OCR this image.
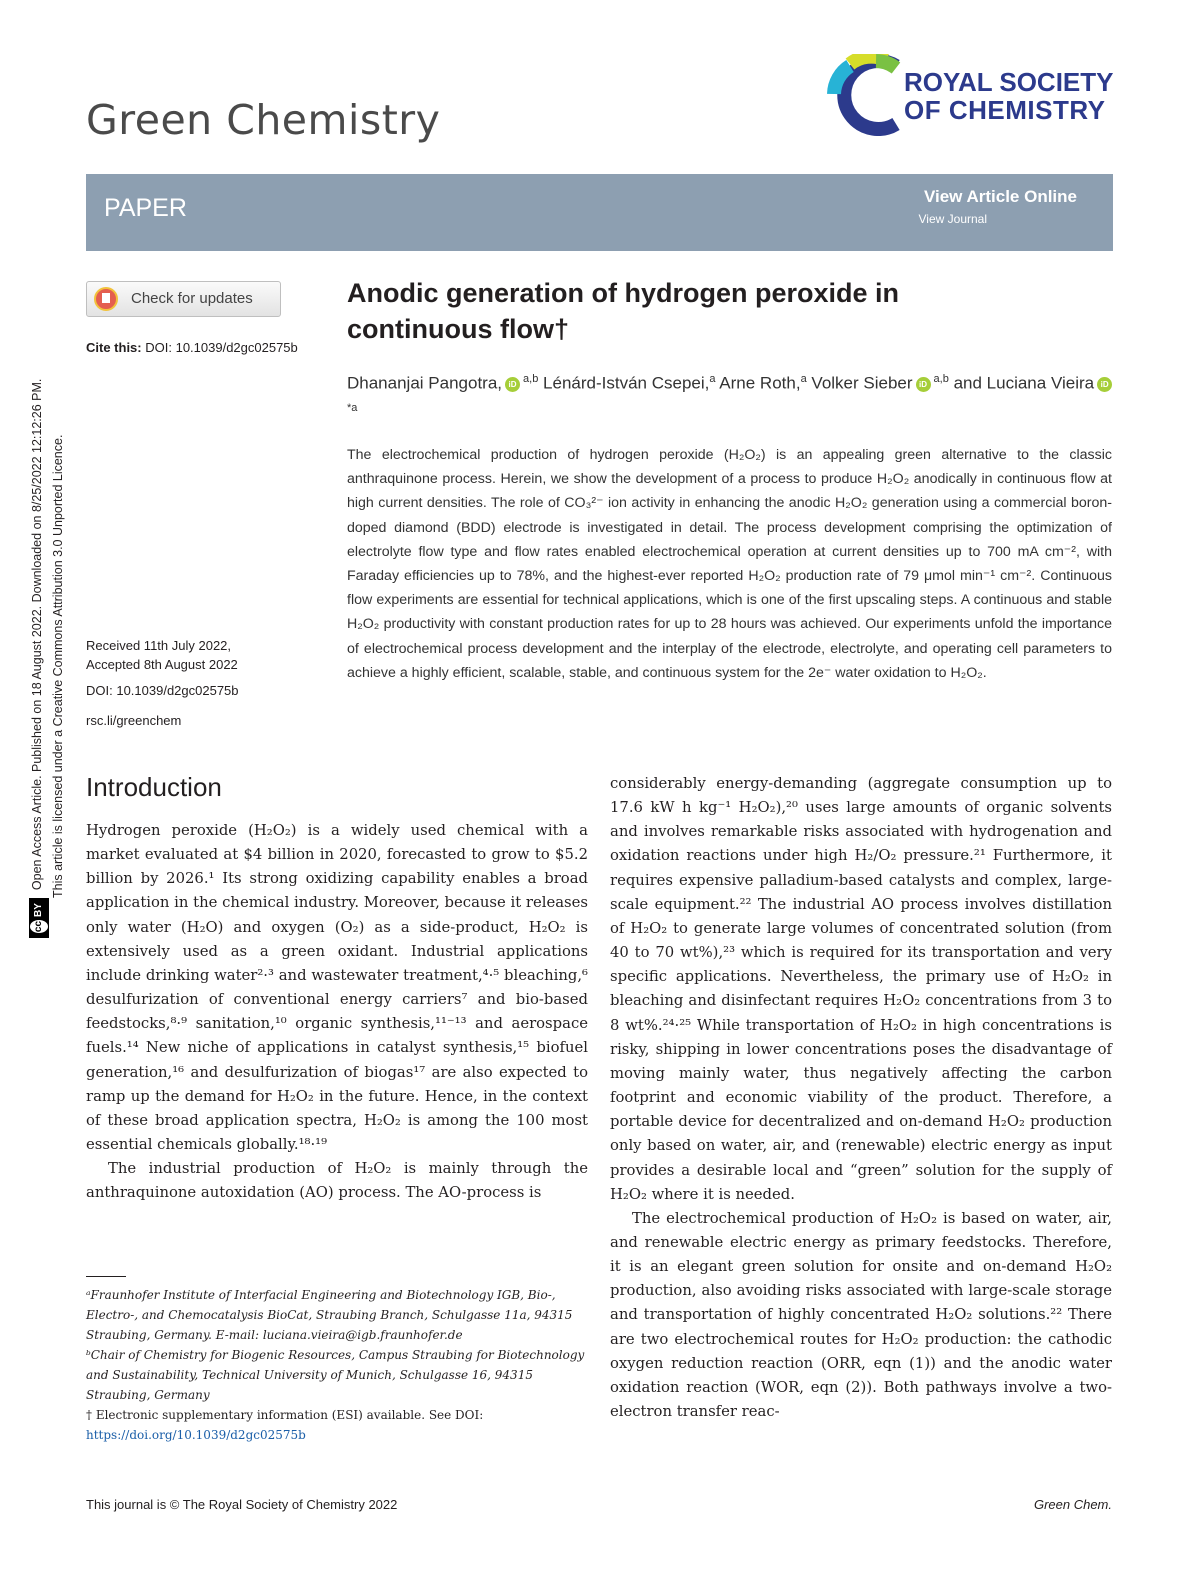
Green Chemistry
ROYAL SOCIETY
OF CHEMISTRY
PAPER	View Article Online
View Journal
Check for updates
Cite this: DOI: 10.1039/d2gc02575b
Anodic generation of hydrogen peroxide in
continuous flow†
Dhananjai Pangotra, iD $^{a,b}$ Lénárd-István Csepei,$^a$ Arne Roth,$^a$ Volker Sieber iD $^{a,b}$ and Luciana Vieira $iD^{*a}$
The electrochemical production of hydrogen peroxide (H₂O₂) is an appealing green alternative to the classic anthraquinone process. Herein, we show the development of a process to produce H₂O₂ anodically in continuous flow at high current densities. The role of CO₃²⁻ ion activity in enhancing the anodic H₂O₂ generation using a commercial boron-doped diamond (BDD) electrode is investigated in detail. The process development comprising the optimization of electrolyte flow type and flow rates enabled electrochemical operation at current densities up to 700 mA cm⁻², with Faraday efficiencies up to 78%, and the highest-ever reported H₂O₂ production rate of 79 μmol min⁻¹ cm⁻². Continuous flow experiments are essential for technical applications, which is one of the first upscaling steps. A continuous and stable H₂O₂ productivity with constant production rates for up to 28 hours was achieved. Our experiments unfold the importance of electrochemical process development and the interplay of the electrode, electrolyte, and operating cell parameters to achieve a highly efficient, scalable, stable, and continuous system for the 2e⁻ water oxidation to H₂O₂.
Received 11th July 2022,
Accepted 8th August 2022
DOI: 10.1039/d2gc02575b
rsc.li/greenchem
ccBYOpen Access Article. Published on 18 August 2022. Downloaded on 8/25/2022 12:12:26 PM. This article is licensed under a Creative Commons Attribution 3.0 Unported Licence. Introduction

Hydrogen peroxide (H₂O₂) is a widely used chemical with a market evaluated at $4 billion in 2020, forecasted to grow to $5.2 billion by 2026.¹ Its strong oxidizing capability enables a broad application in the chemical industry. Moreover, because it releases only water (H₂O) and oxygen (O₂) as a side-product, H₂O₂ is extensively used as a green oxidant. Industrial applications include drinking water²·³ and wastewater treatment,⁴·⁵ bleaching,⁶ desulfurization of conventional energy carriers⁷ and bio-based feedstocks,⁸·⁹ sanitation,¹⁰ organic synthesis,¹¹⁻¹³ and aerospace fuels.¹⁴ New niche of applications in catalyst synthesis,¹⁵ biofuel generation,¹⁶ and desulfurization of biogas¹⁷ are also expected to ramp up the demand for H₂O₂ in the future. Hence, in the context of these broad application spectra, H₂O₂ is among the 100 most essential chemicals globally.¹⁸·¹⁹

The industrial production of H₂O₂ is mainly through the anthraquinone autoxidation (AO) process. The AO-process is

considerably energy-demanding (aggregate consumption up to 17.6 kW h kg⁻¹ H₂O₂),²⁰ uses large amounts of organic solvents and involves remarkable risks associated with hydrogenation and oxidation reactions under high H₂/O₂ pressure.²¹ Furthermore, it requires expensive palladium-based catalysts and complex, large-scale equipment.²² The industrial AO process involves distillation of H₂O₂ to generate large volumes of concentrated solution (from 40 to 70 wt%),²³ which is required for its transportation and very specific applications. Nevertheless, the primary use of H₂O₂ in bleaching and disinfectant requires H₂O₂ concentrations from 3 to 8 wt%.²⁴·²⁵ While transportation of H₂O₂ in high concentrations is risky, shipping in lower concentrations poses the disadvantage of moving mainly water, thus negatively affecting the carbon footprint and economic viability of the product. Therefore, a portable device for decentralized and on-demand H₂O₂ production only based on water, air, and (renewable) electric energy as input provides a desirable local and “green” solution for the supply of H₂O₂ where it is needed.

The electrochemical production of H₂O₂ is based on water, air, and renewable electric energy as primary feedstocks. Therefore, it is an elegant green solution for onsite and on-demand H₂O₂ production, also avoiding risks associated with large-scale storage and transportation of highly concentrated H₂O₂ solutions.²² There are two electrochemical routes for H₂O₂ production: the cathodic oxygen reduction reaction (ORR, eqn (1)) and the anodic water oxidation reaction (WOR, eqn (2)). Both pathways involve a two-electron transfer reac-

ᵃFraunhofer Institute of Interfacial Engineering and Biotechnology IGB, Bio-, Electro-, and Chemocatalysis BioCat, Straubing Branch, Schulgasse 11a, 94315 Straubing, Germany. E-mail: luciana.vieira@igb.fraunhofer.de

ᵇChair of Chemistry for Biogenic Resources, Campus Straubing for Biotechnology and Sustainability, Technical University of Munich, Schulgasse 16, 94315 Straubing, Germany

† Electronic supplementary information (ESI) available. See DOI: https://doi.org/10.1039/d2gc02575b

This journal is © The Royal Society of Chemistry 2022	Green Chem.
